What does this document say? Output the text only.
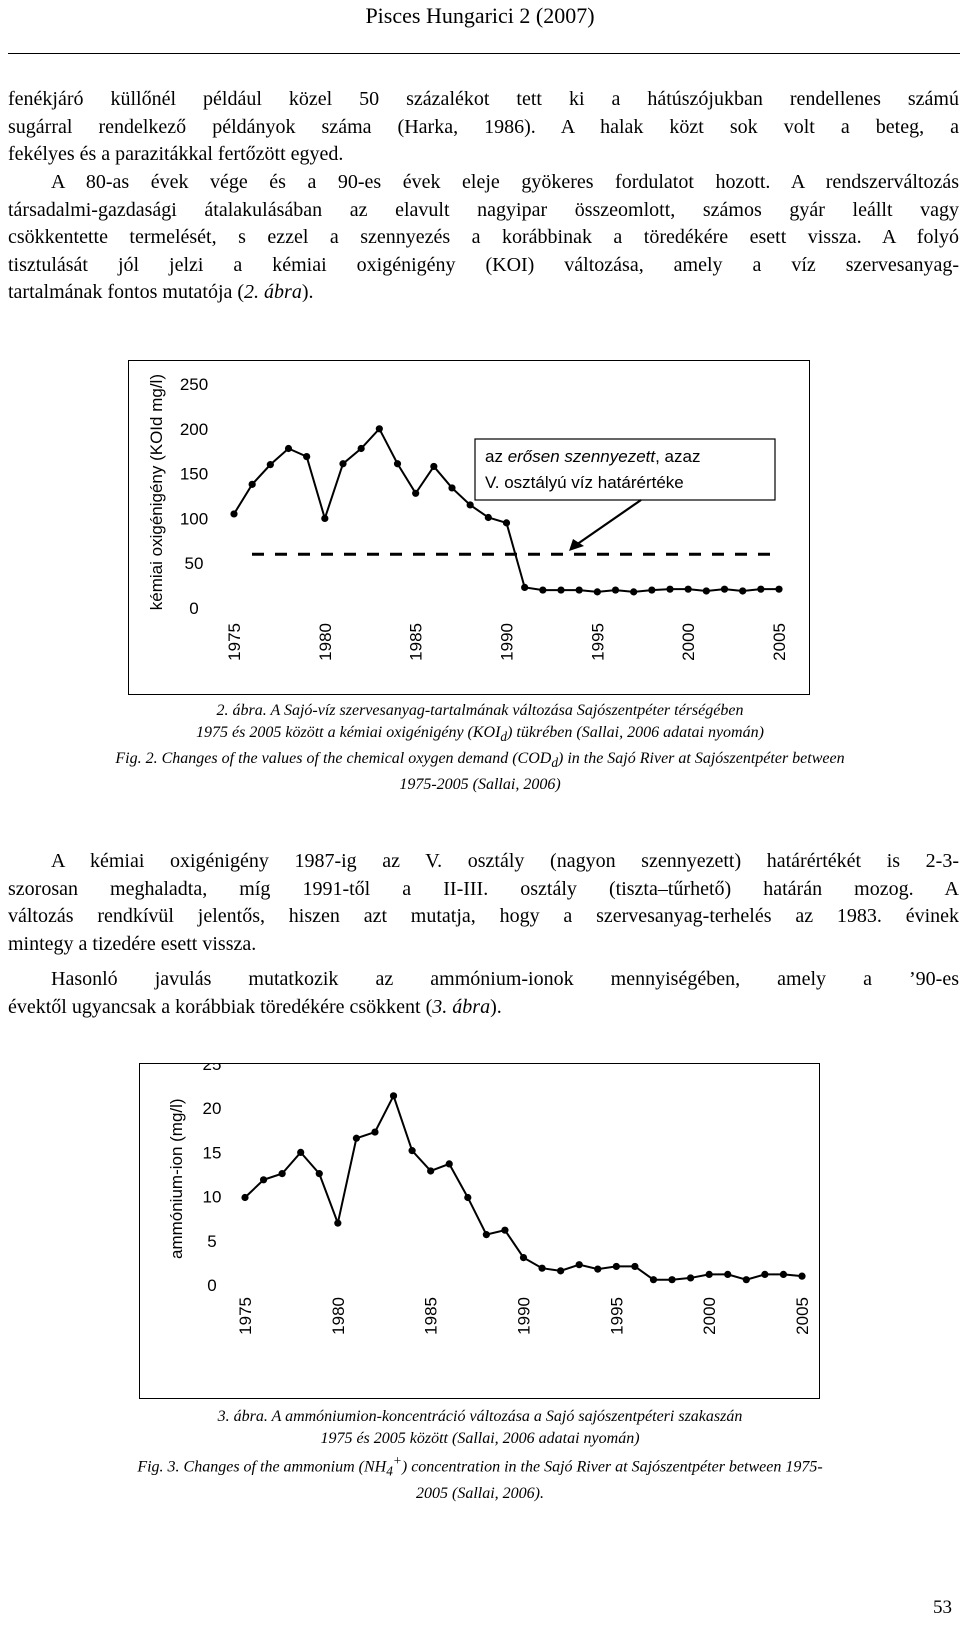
Pisces Hungarici 2 (2007)
fenékjáró küllőnél például közel 50 százalékot tett ki a hátúszójukban rendellenes számú
sugárral rendelkező példányok száma (Harka, 1986). A halak közt sok volt a beteg, a
fekélyes és a parazitákkal fertőzött egyed.
A 80-as évek vége és a 90-es évek eleje gyökeres fordulatot hozott. A rendszerváltozás
társadalmi-gazdasági átalakulásában az elavult nagyipar összeomlott, számos gyár leállt vagy
csökkentette termelését, s ezzel a szennyezés a korábbinak a töredékére esett vissza. A folyó
tisztulását jól jelzi a kémiai oxigénigény (KOI) változása, amely a víz szervesanyag-
tartalmának fontos mutatója (2. ábra).
0
50
100
150
200
250
1975	1980	1985	1990	1995	2000	2005
az erősen szennyezett, azaz
V. osztályú víz határértéke
kémiai oxigénigény (KOId mg/l)
2. ábra. A Sajó-víz szervesanyag-tartalmának változása Sajószentpéter térségében
1975 és 2005 között a kémiai oxigénigény $(KOI_d)$ tükrében (Sallai, 2006 adatai nyomán)
Fig. 2. Changes of the values of the chemical oxygen demand $(COD_d)$ in the Sajó River at Sajószentpéter between
1975-2005 (Sallai, 2006)
A kémiai oxigénigény 1987-ig az V. osztály (nagyon szennyezett) határértékét is 2-3-
szorosan meghaladta, míg 1991-től a II-III. osztály (tiszta–tűrhető) határán mozog. A
változás rendkívül jelentős, hiszen azt mutatja, hogy a szervesanyag-terhelés az 1983. évinek
mintegy a tizedére esett vissza.
Hasonló javulás mutatkozik az ammónium-ionok mennyiségében, amely a ’90-es
évektől ugyancsak a korábbiak töredékére csökkent (3. ábra).
0
5
10
15
20
25
1975	1980	1985	1990	1995	2000	2005
ammónium-ion (mg/l)
3. ábra. A ammóniumion-koncentráció változása a Sajó sajószentpéteri szakaszán
1975 és 2005 között (Sallai, 2006 adatai nyomán)
Fig. 3. Changes of the ammonium $(NH_4^+)$ concentration in the Sajó River at Sajószentpéter between 1975-
2005 (Sallai, 2006).
53
